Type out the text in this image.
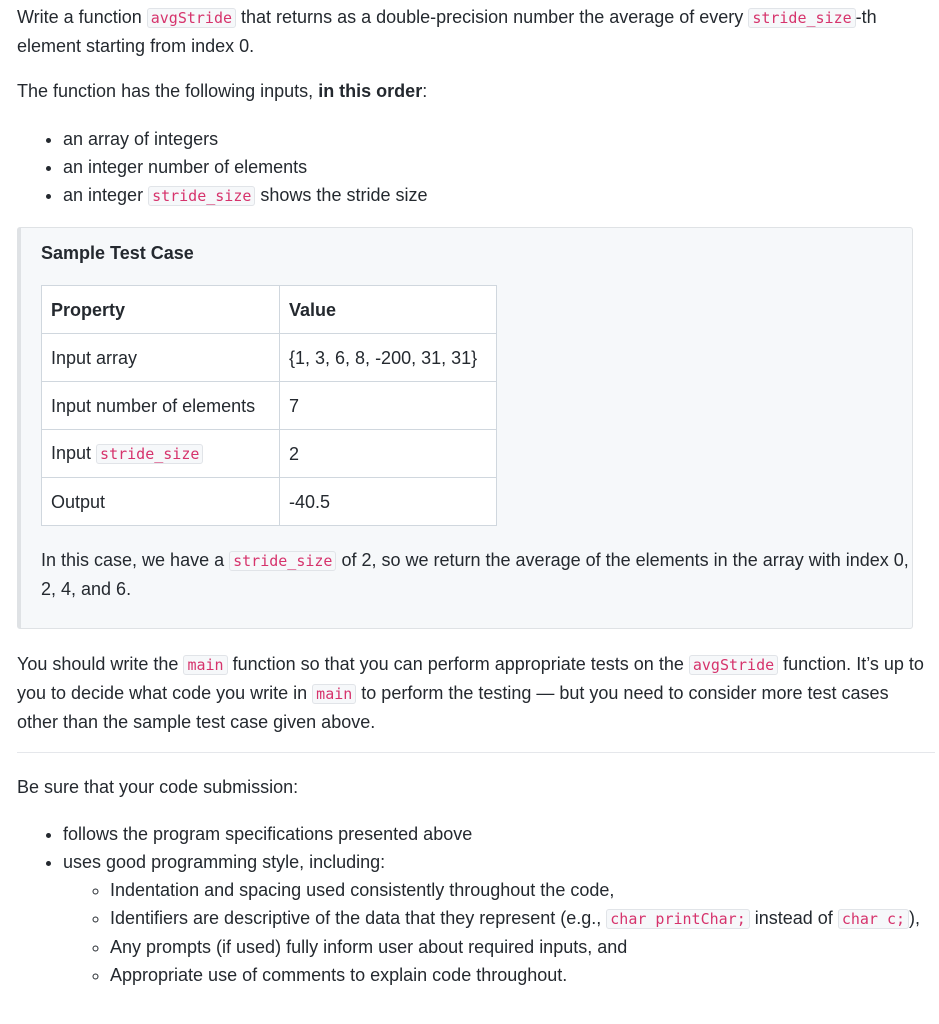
Write a function avgStride that returns as a double-precision number the average of every stride_size -th element starting from index 0.

The function has the following inputs, in this order:

• an array of integers
• an integer number of elements
• an integer stride_size shows the stride size
Sample Test Case
Property	Value
Input array	{1, 3, 6, 8, -200, 31, 31}
Input number of elements	7
Input stride_size	2
Output	-40.5

In this case, we have a stride_size of 2, so we return the average of the elements in the array with index 0, 2, 4, and 6.

You should write the main function so that you can perform appropriate tests on the avgStride function. It’s up to you to decide what code you write in main to perform the testing — but you need to consider more test cases other than the sample test case given above.

Be sure that your code submission:

• follows the program specifications presented above
• uses good programming style, including:
◦ Indentation and spacing used consistently throughout the code,
◦ Identifiers are descriptive of the data that they represent (e.g., char printChar; instead of char c; ),
◦ Any prompts (if used) fully inform user about required inputs, and
◦ Appropriate use of comments to explain code throughout.
